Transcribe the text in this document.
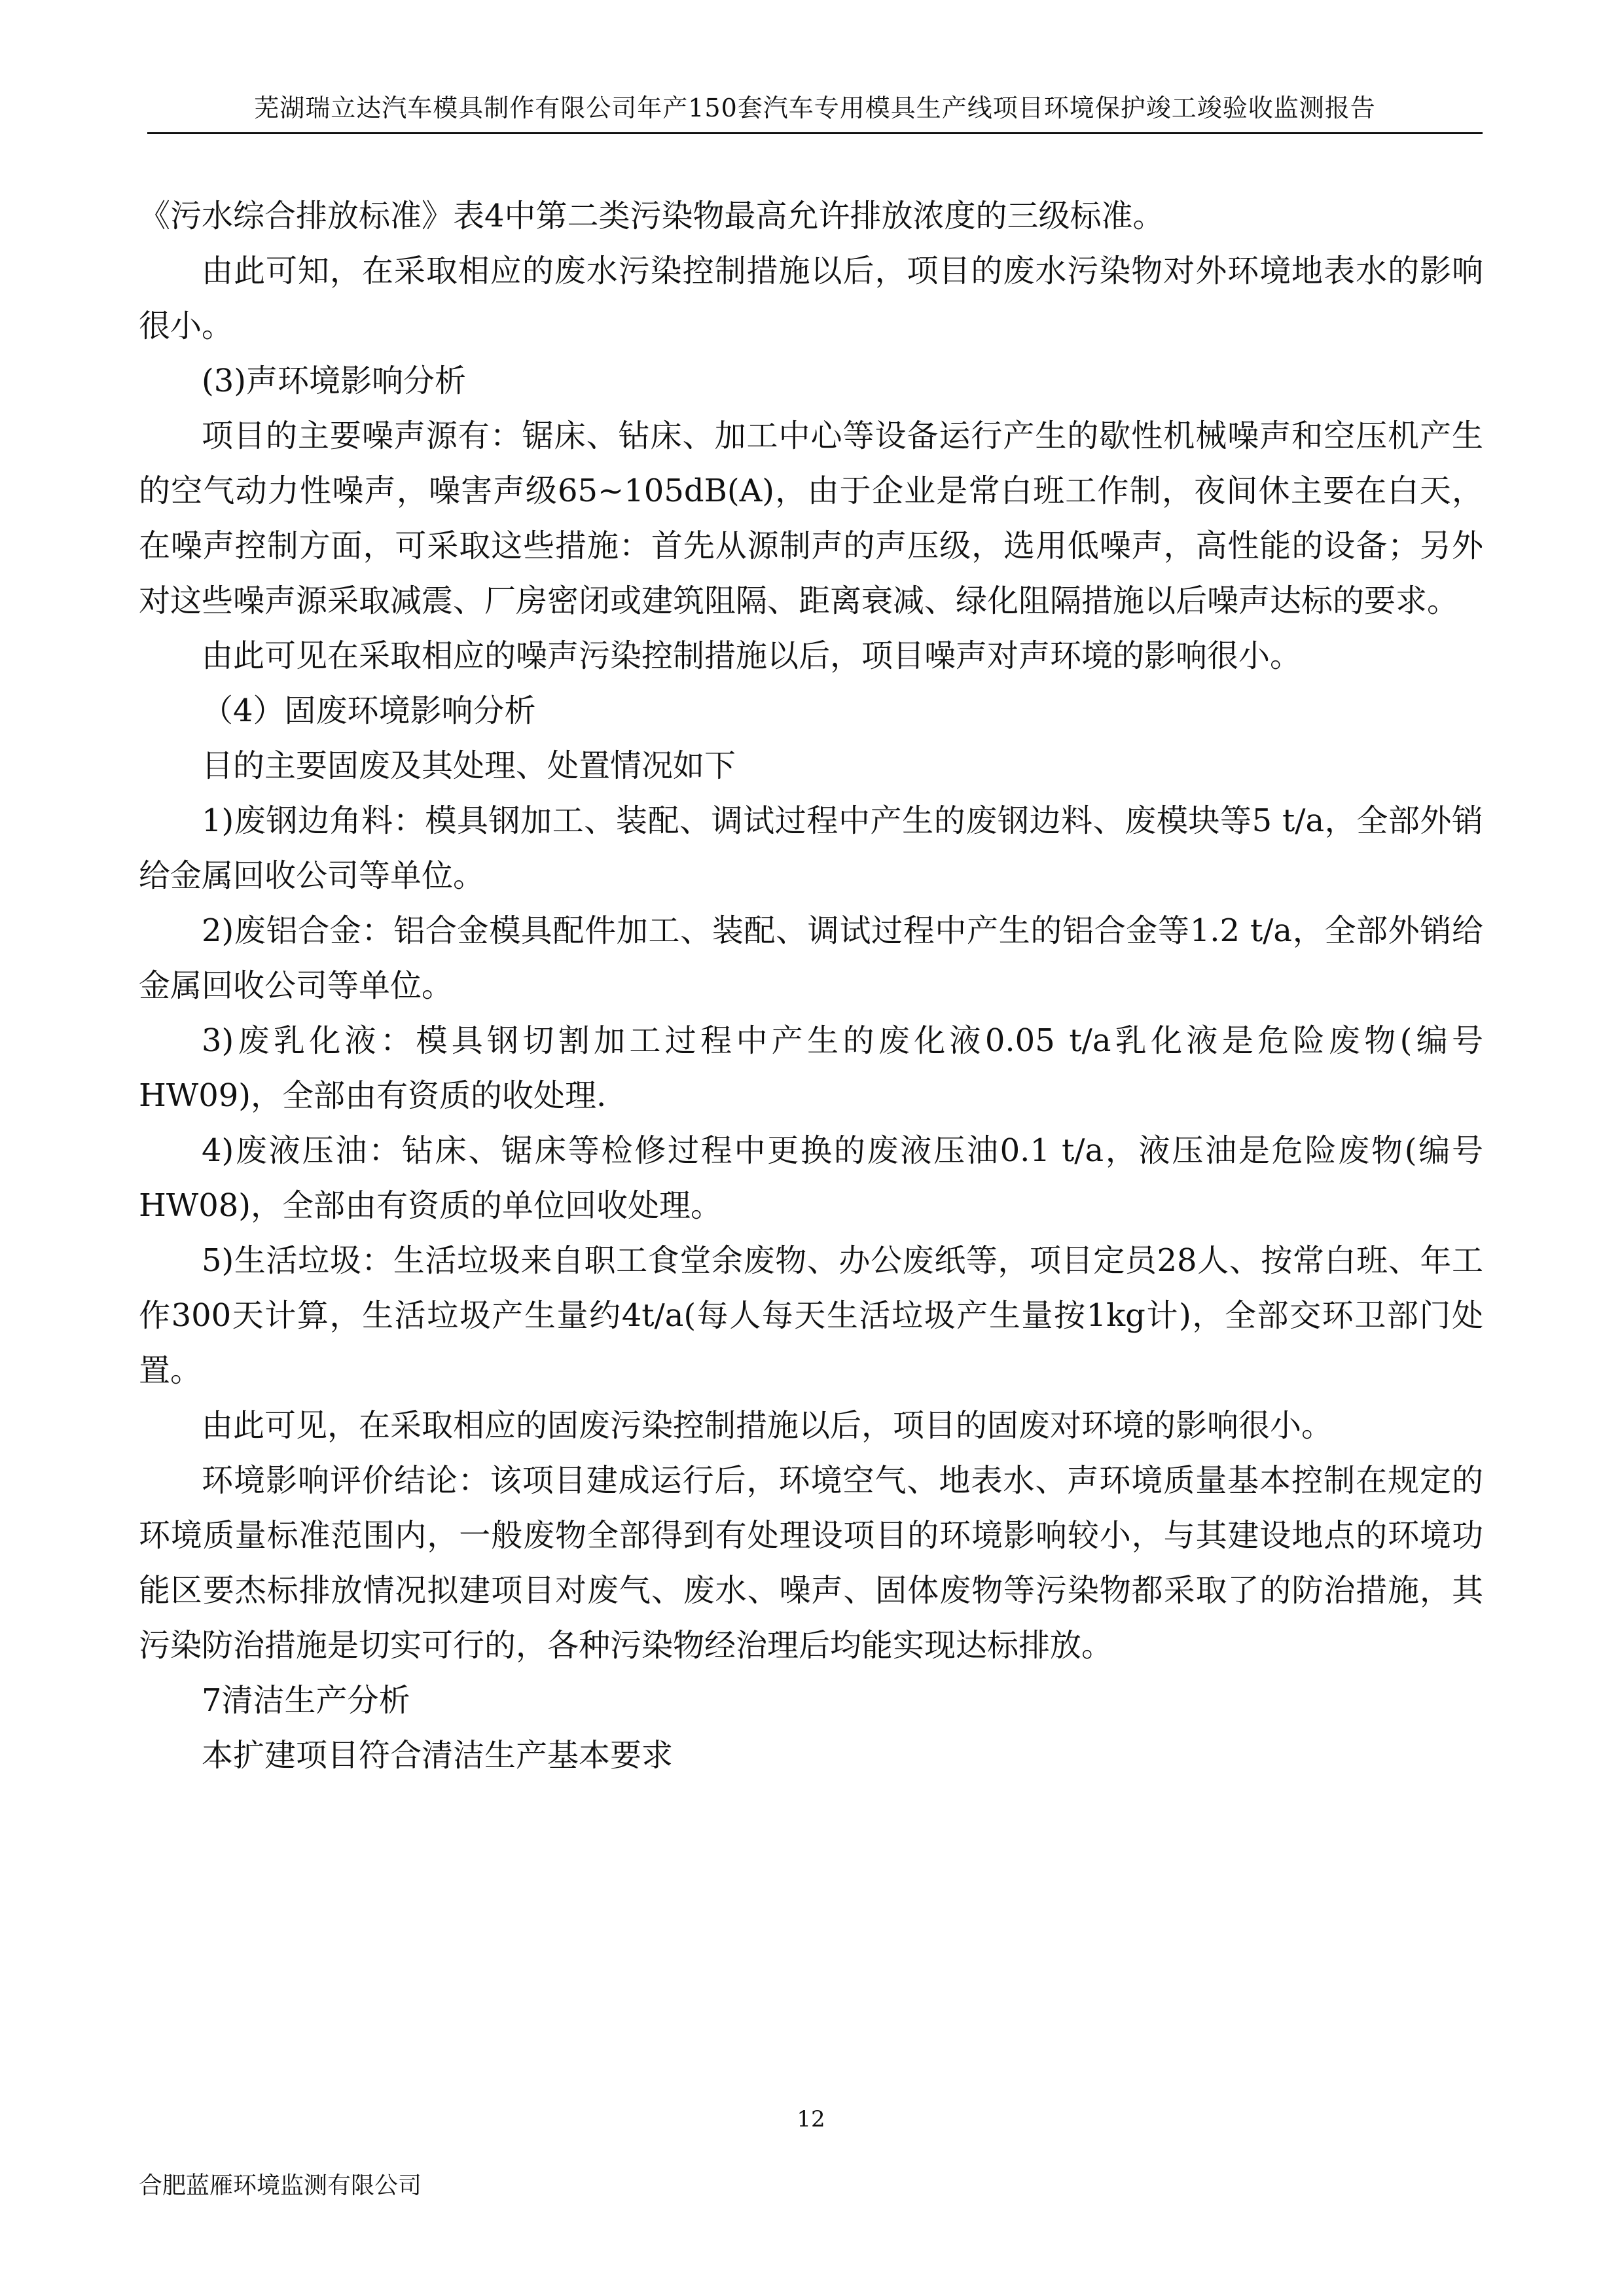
芜湖瑞立达汽车模具制作有限公司年产150套汽车专用模具生产线项目环境保护竣工竣验收监测报告

《污水综合排放标准》表4中第二类污染物最高允许排放浓度的三级标准。

由此可知，在采取相应的废水污染控制措施以后，项目的废水污染物对外环境地表水的影响很小。

(3)声环境影响分析

项目的主要噪声源有：锯床、钻床、加工中心等设备运行产生的歇性机械噪声和空压机产生的空气动力性噪声，噪害声级65~105dB(A)，由于企业是常白班工作制，夜间休主要在白天，在噪声控制方面，可采取这些措施：首先从源制声的声压级，选用低噪声，高性能的设备；另外对这些噪声源采取减震、厂房密闭或建筑阻隔、距离衰减、绿化阻隔措施以后噪声达标的要求。

由此可见在采取相应的噪声污染控制措施以后，项目噪声对声环境的影响很小。

（4）固废环境影响分析

目的主要固废及其处理、处置情况如下

1)废钢边角料：模具钢加工、装配、调试过程中产生的废钢边料、废模块等5 t/a，全部外销给金属回收公司等单位。

2)废铝合金：铝合金模具配件加工、装配、调试过程中产生的铝合金等1.2 t/a，全部外销给金属回收公司等单位。

3)废乳化液：模具钢切割加工过程中产生的废化液0.05 t/a乳化液是危险废物(编号HW09)，全部由有资质的收处理.

4)废液压油：钻床、锯床等检修过程中更换的废液压油0.1 t/a，液压油是危险废物(编号HW08)，全部由有资质的单位回收处理。

5)生活垃圾：生活垃圾来自职工食堂余废物、办公废纸等，项目定员28人、按常白班、年工作300天计算，生活垃圾产生量约4t/a(每人每天生活垃圾产生量按1kg计)，全部交环卫部门处置。

由此可见，在采取相应的固废污染控制措施以后，项目的固废对环境的影响很小。

环境影响评价结论：该项目建成运行后，环境空气、地表水、声环境质量基本控制在规定的环境质量标准范围内，一般废物全部得到有处理设项目的环境影响较小，与其建设地点的环境功能区要杰标排放情况拟建项目对废气、废水、噪声、固体废物等污染物都采取了的防治措施，其污染防治措施是切实可行的，各种污染物经治理后均能实现达标排放。

7清洁生产分析

本扩建项目符合清洁生产基本要求

12
合肥蓝雁环境监测有限公司
